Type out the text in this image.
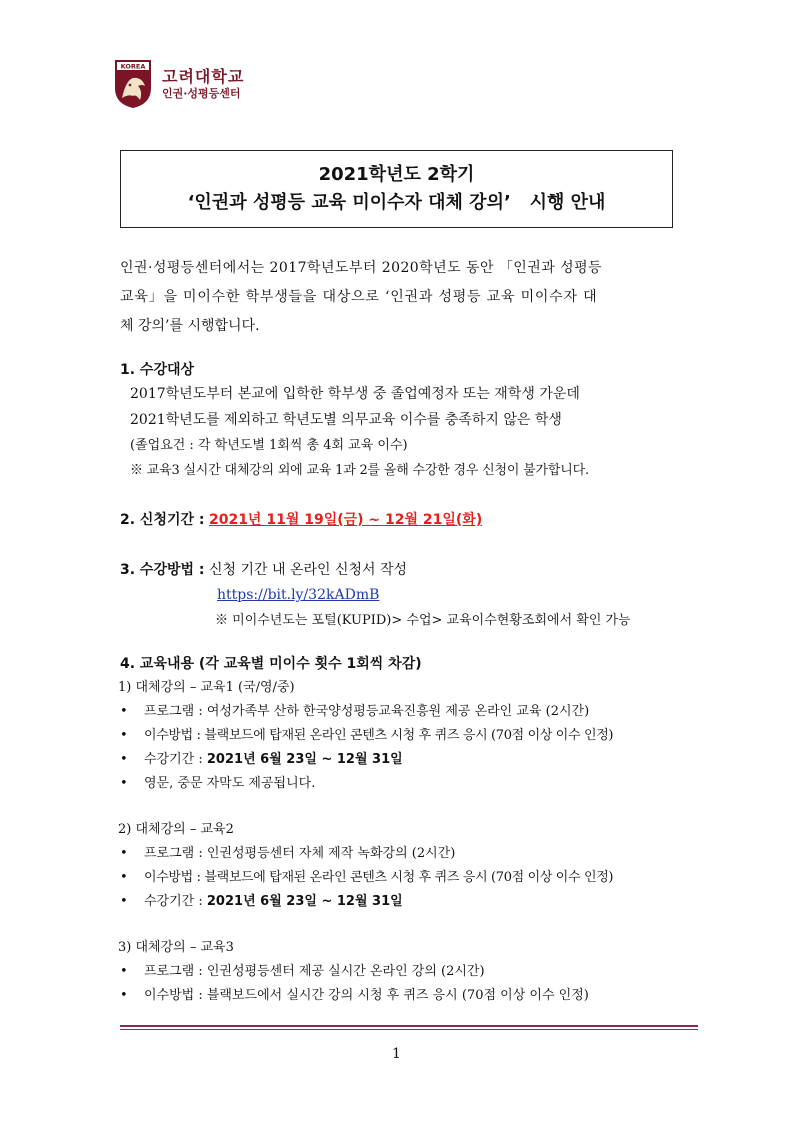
KOREA
고려대학교
인권·성평등센터
2021학년도 2학기
‘인권과 성평등 교육 미이수자 대체 강의’   시행 안내
인권·성평등센터에서는 2017학년도부터 2020학년도 동안 「인권과 성평등
교육」을 미이수한 학부생들을 대상으로 ‘인권과 성평등 교육 미이수자 대
체 강의’를 시행합니다.
1. 수강대상
2017학년도부터 본교에 입학한 학부생 중 졸업예정자 또는 재학생 가운데
2021학년도를 제외하고 학년도별 의무교육 이수를 충족하지 않은 학생
(졸업요건 : 각 학년도별 1회씩 총 4회 교육 이수)
※ 교육3 실시간 대체강의 외에 교육 1과 2를 올해 수강한 경우 신청이 불가합니다.
2. 신청기간 : 2021년 11월 19일(금) ~ 12월 21일(화)
3. 수강방법 : 신청 기간 내 온라인 신청서 작성
https://bit.ly/32kADmB
※ 미이수년도는 포털(KUPID)> 수업> 교육이수현황조회에서 확인 가능
4. 교육내용 (각 교육별 미이수 횟수 1회씩 차감)
1) 대체강의 – 교육1 (국/영/중)
• 프로그램 : 여성가족부 산하 한국양성평등교육진흥원 제공 온라인 교육 (2시간)
• 이수방법 : 블랙보드에 탑재된 온라인 콘텐츠 시청 후 퀴즈 응시 (70점 이상 이수 인정)
• 수강기간 : 2021년 6월 23일 ~ 12월 31일
• 영문, 중문 자막도 제공됩니다.
2) 대체강의 – 교육2
• 프로그램 : 인권성평등센터 자체 제작 녹화강의 (2시간)
• 이수방법 : 블랙보드에 탑재된 온라인 콘텐츠 시청 후 퀴즈 응시 (70점 이상 이수 인정)
• 수강기간 : 2021년 6월 23일 ~ 12월 31일
3) 대체강의 – 교육3
• 프로그램 : 인권성평등센터 제공 실시간 온라인 강의 (2시간)
• 이수방법 : 블랙보드에서 실시간 강의 시청 후 퀴즈 응시 (70점 이상 이수 인정)
1
